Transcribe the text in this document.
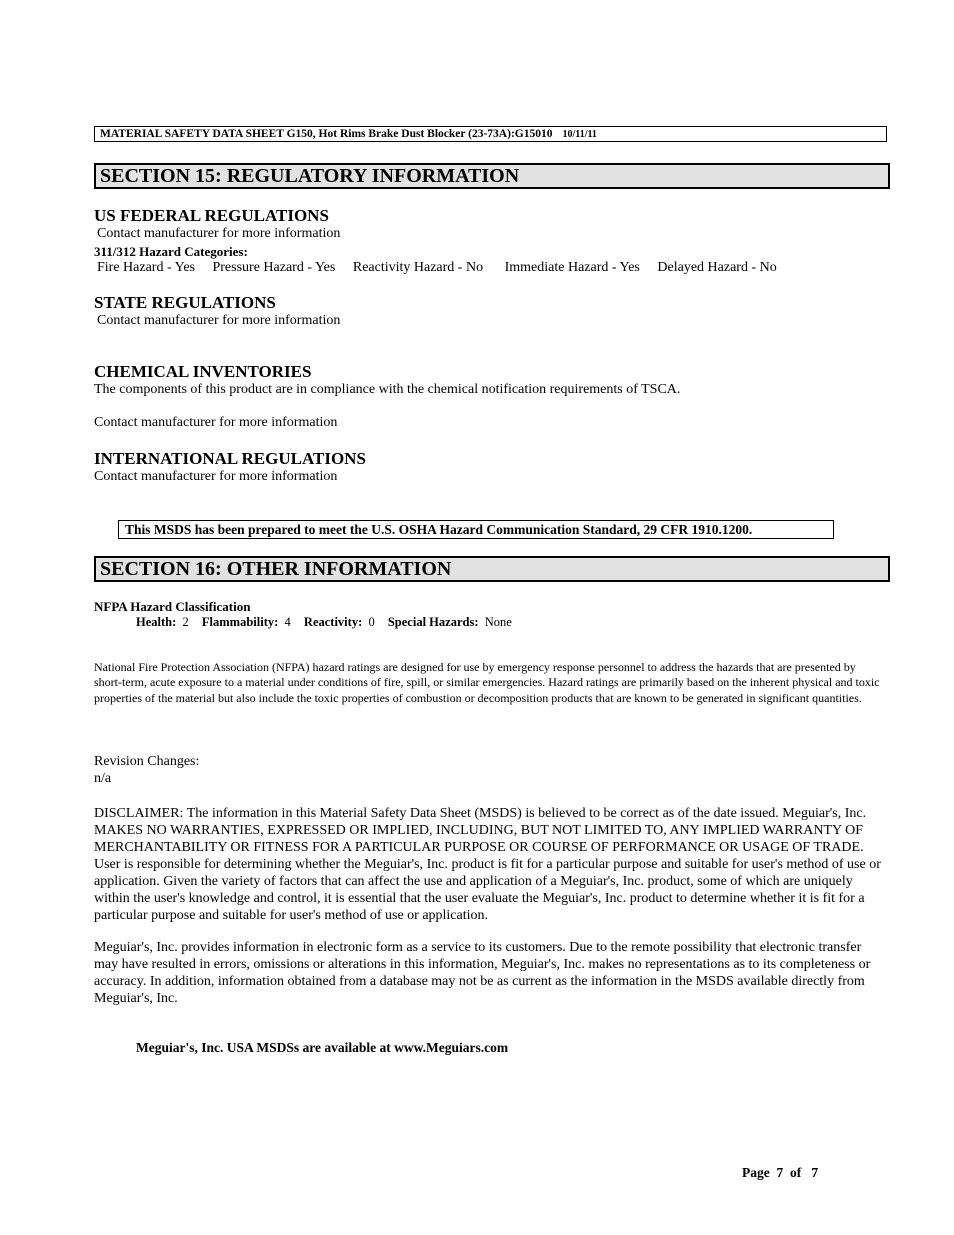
MATERIAL SAFETY DATA SHEET G150, Hot Rims Brake Dust Blocker (23-73A):G15010 10/11/11
SECTION 15: REGULATORY INFORMATION
US FEDERAL REGULATIONS
Contact manufacturer for more information
311/312 Hazard Categories:
Fire Hazard - Yes Pressure Hazard - Yes Reactivity Hazard - No Immediate Hazard - Yes Delayed Hazard - No
STATE REGULATIONS
Contact manufacturer for more information
CHEMICAL INVENTORIES
The components of this product are in compliance with the chemical notification requirements of TSCA.
Contact manufacturer for more information
INTERNATIONAL REGULATIONS
Contact manufacturer for more information
This MSDS has been prepared to meet the U.S. OSHA Hazard Communication Standard, 29 CFR 1910.1200.
SECTION 16: OTHER INFORMATION
NFPA Hazard Classification
Health: 2 Flammability: 4 Reactivity: 0 Special Hazards: None
National Fire Protection Association (NFPA) hazard ratings are designed for use by emergency response personnel to address the hazards that are presented by short-term, acute exposure to a material under conditions of fire, spill, or similar emergencies. Hazard ratings are primarily based on the inherent physical and toxic properties of the material but also include the toxic properties of combustion or decomposition products that are known to be generated in significant quantities.
Revision Changes:
n/a
DISCLAIMER: The information in this Material Safety Data Sheet (MSDS) is believed to be correct as of the date issued. Meguiar's, Inc. MAKES NO WARRANTIES, EXPRESSED OR IMPLIED, INCLUDING, BUT NOT LIMITED TO, ANY IMPLIED WARRANTY OF MERCHANTABILITY OR FITNESS FOR A PARTICULAR PURPOSE OR COURSE OF PERFORMANCE OR USAGE OF TRADE. User is responsible for determining whether the Meguiar's, Inc. product is fit for a particular purpose and suitable for user's method of use or application. Given the variety of factors that can affect the use and application of a Meguiar's, Inc. product, some of which are uniquely within the user's knowledge and control, it is essential that the user evaluate the Meguiar's, Inc. product to determine whether it is fit for a particular purpose and suitable for user's method of use or application.
Meguiar's, Inc. provides information in electronic form as a service to its customers. Due to the remote possibility that electronic transfer may have resulted in errors, omissions or alterations in this information, Meguiar's, Inc. makes no representations as to its completeness or accuracy. In addition, information obtained from a database may not be as current as the information in the MSDS available directly from Meguiar's, Inc.
Meguiar's, Inc. USA MSDSs are available at www.Meguiars.com
Page 7 of 7
